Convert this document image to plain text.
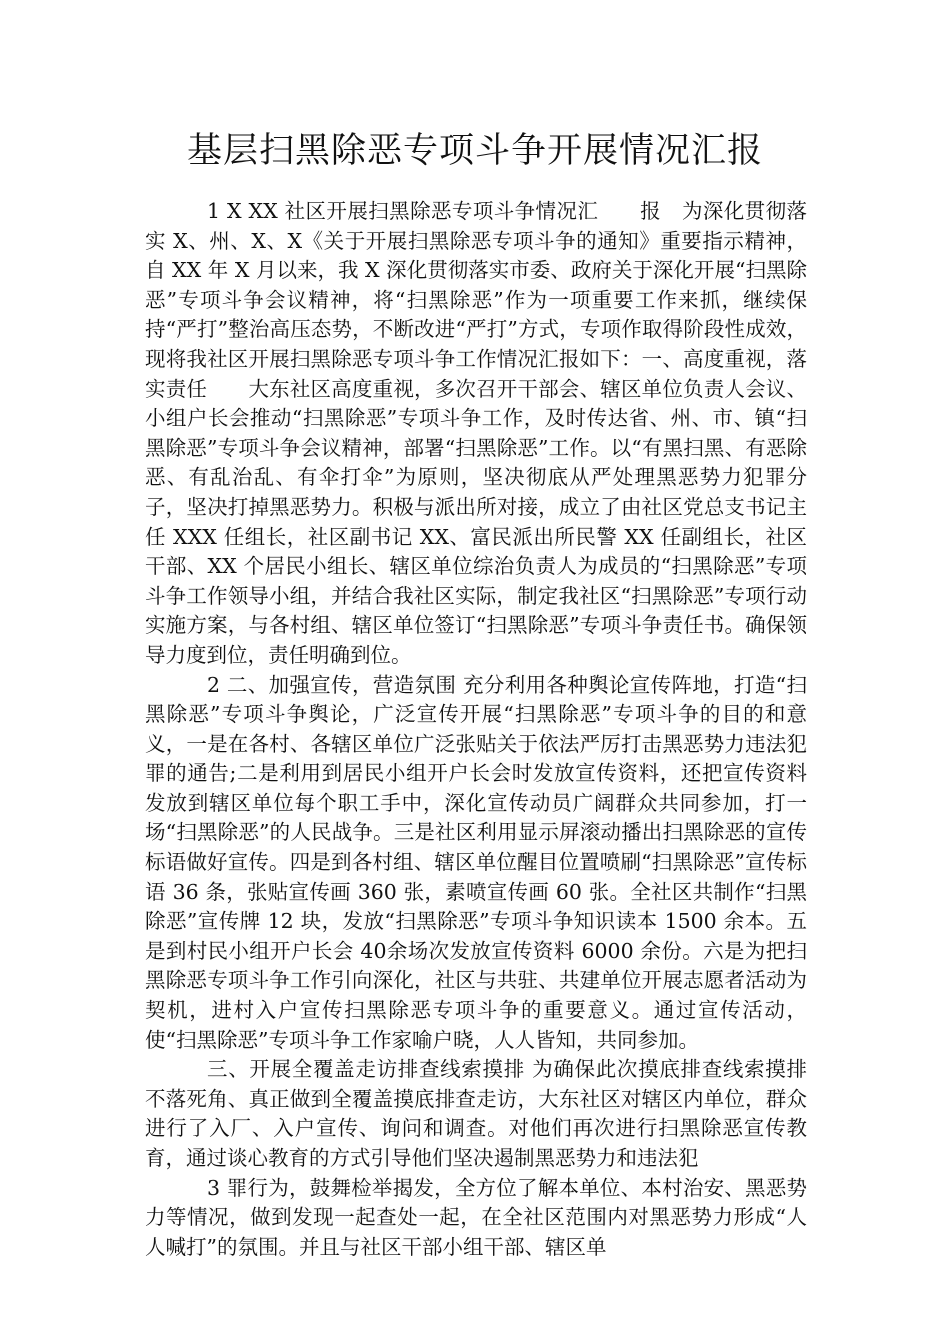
基层扫黑除恶专项斗争开展情况汇报

1 X XX 社区开展扫黑除恶专项斗争情况汇　　报　为深化贯彻落实 X、州、X、X《关于开展扫黑除恶专项斗争的通知》重要指示精神，自 XX 年 X 月以来，我 X 深化贯彻落实市委、政府关于深化开展“扫黑除恶”专项斗争会议精神，将“扫黑除恶”作为一项重要工作来抓，继续保持“严打”整治高压态势，不断改进“严打”方式，专项作取得阶段性成效，现将我社区开展扫黑除恶专项斗争工作情况汇报如下：一、高度重视，落实责任　　大东社区高度重视，多次召开干部会、辖区单位负责人会议、小组户长会推动“扫黑除恶”专项斗争工作，及时传达省、州、市、镇“扫黑除恶”专项斗争会议精神，部署“扫黑除恶”工作。以“有黑扫黑、有恶除恶、有乱治乱、有伞打伞”为原则，坚决彻底从严处理黑恶势力犯罪分子，坚决打掉黑恶势力。积极与派出所对接，成立了由社区党总支书记主任 XXX 任组长，社区副书记 XX、富民派出所民警 XX 任副组长，社区干部、XX 个居民小组长、辖区单位综治负责人为成员的“扫黑除恶”专项斗争工作领导小组，并结合我社区实际，制定我社区“扫黑除恶”专项行动实施方案，与各村组、辖区单位签订“扫黑除恶”专项斗争责任书。确保领导力度到位，责任明确到位。

2 二、加强宣传，营造氛围 充分利用各种舆论宣传阵地，打造“扫黑除恶”专项斗争舆论，广泛宣传开展“扫黑除恶”专项斗争的目的和意义，一是在各村、各辖区单位广泛张贴关于依法严厉打击黑恶势力违法犯罪的通告;二是利用到居民小组开户长会时发放宣传资料，还把宣传资料发放到辖区单位每个职工手中，深化宣传动员广阔群众共同参加，打一场“扫黑除恶”的人民战争。三是社区利用显示屏滚动播出扫黑除恶的宣传标语做好宣传。四是到各村组、辖区单位醒目位置喷刷“扫黑除恶”宣传标语 36 条，张贴宣传画 360 张，素喷宣传画 60 张。全社区共制作“扫黑除恶”宣传牌 12 块，发放“扫黑除恶”专项斗争知识读本 1500 余本。五是到村民小组开户长会 40余场次发放宣传资料 6000 余份。六是为把扫黑除恶专项斗争工作引向深化，社区与共驻、共建单位开展志愿者活动为契机，进村入户宣传扫黑除恶专项斗争的重要意义。通过宣传活动，使“扫黑除恶”专项斗争工作家喻户晓，人人皆知，共同参加。

三、开展全覆盖走访排查线索摸排 为确保此次摸底排查线索摸排不落死角、真正做到全覆盖摸底排查走访，大东社区对辖区内单位，群众进行了入厂、入户宣传、询问和调查。对他们再次进行扫黑除恶宣传教育，通过谈心教育的方式引导他们坚决遏制黑恶势力和违法犯

3 罪行为，鼓舞检举揭发，全方位了解本单位、本村治安、黑恶势力等情况，做到发现一起查处一起，在全社区范围内对黑恶势力形成“人人喊打”的氛围。并且与社区干部小组干部、辖区单
